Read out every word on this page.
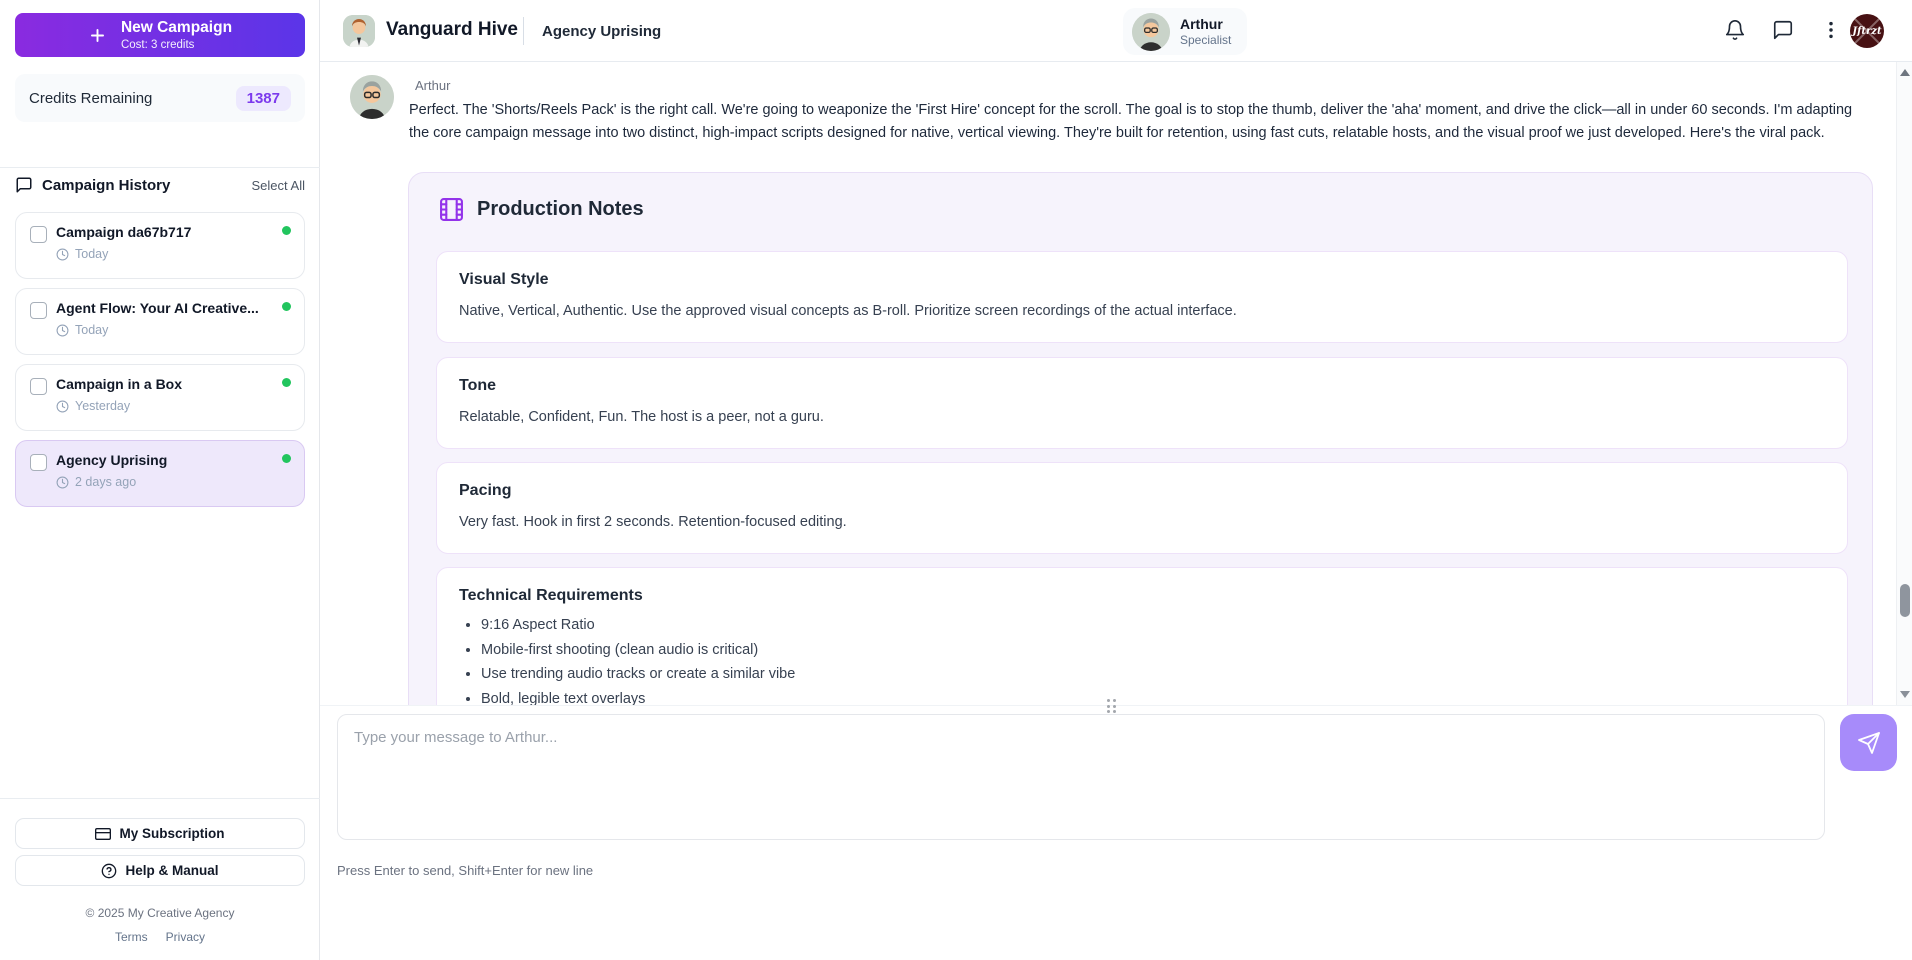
New Campaign
Cost: 3 credits
Credits Remaining	1387
Campaign History	Select All
Campaign da67b717
Today
Agent Flow: Your AI Creative...
Today
Campaign in a Box
Yesterday
Agency Uprising
2 days ago
My Subscription
Help & Manual
© 2025 My Creative Agency
Terms Privacy
Vanguard Hive Agency Uprising	Arthur
Specialist
Jftrzt
Arthur

Perfect. The 'Shorts/Reels Pack' is the right call. We're going to weaponize the 'First Hire' concept for the scroll. The goal is to stop the thumb, deliver the 'aha' moment, and drive the click—all in under 60 seconds. I'm adapting the core campaign message into two distinct, high-impact scripts designed for native, vertical viewing. They're built for retention, using fast cuts, relatable hosts, and the visual proof we just developed. Here's the viral pack.

Production Notes
Visual Style
Native, Vertical, Authentic. Use the approved visual concepts as B-roll. Prioritize screen recordings of the actual interface.
Tone
Relatable, Confident, Fun. The host is a peer, not a guru.
Pacing
Very fast. Hook in first 2 seconds. Retention-focused editing.
Technical Requirements
• 9:16 Aspect Ratio
• Mobile-first shooting (clean audio is critical)
• Use trending audio tracks or create a similar vibe
• Bold, legible text overlays
Type your message to Arthur...
Press Enter to send, Shift+Enter for new line
